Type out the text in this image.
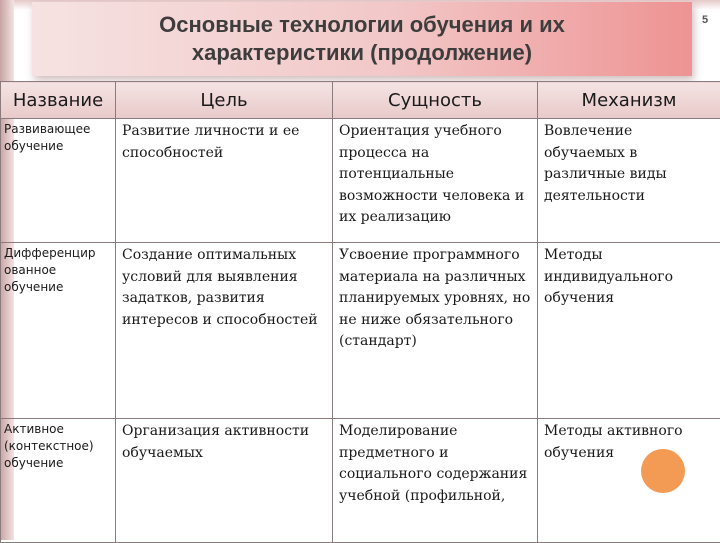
Основные технологии обучения и их
характеристики (продолжение)
5
Название	Цель	Сущность	Механизм
Развивающее обучение	Развитие личности и ее способностей	Ориентация учебного процесса на потенциальные возможности человека и их реализацию	Вовлечение обучаемых в различные виды деятельности
Дифференцир ованное обучение	Создание оптимальных условий для выявления задатков, развития интересов и способностей	Усвоение программного материала на различных планируемых уровнях, но не ниже обязательного (стандарт)	Методы индивидуального обучения
Активное (контекстное) обучение	Организация активности обучаемых	Моделирование предметного и социального содержания учебной (профильной,	Методы активного обучения
